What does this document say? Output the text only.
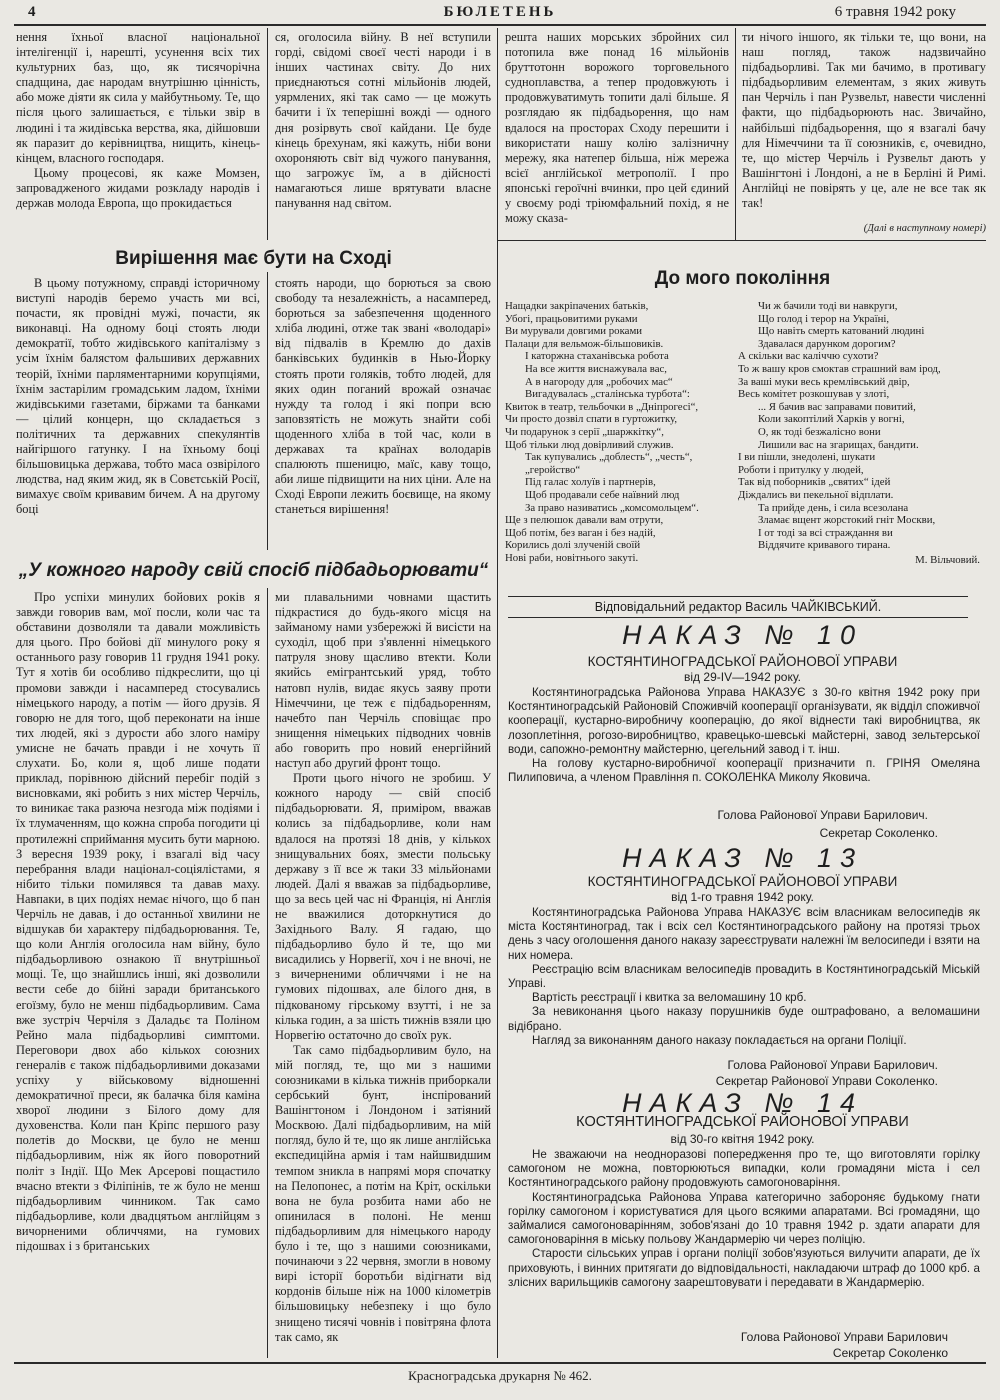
4	БЮЛЕТЕНЬ	6 травня 1942 року

нення їхньої власної національної інтелігенції і, нарешті, усунення всіх тих культурних баз, що, як тисячорічна спадщина, дає народам внутрішню цінність, або може діяти як сила у майбутньому. Те, що після цього залишається, є тільки звір в людині і та жидівська верства, яка, дійшовши як паразит до керівництва, нищить, кінець-кінцем, власного господаря.

Цьому процесові, як каже Момзен, запровадженого жидами розкладу народів і держав молода Европа, що прокидається

ся, оголосила війну. В неї вступили горді, свідомі своєї честі народи і в інших частинах світу. До них приєднаються сотні мільйонів людей, уярмлених, які так само — це можуть бачити і їх теперішні вожді — одного дня розірвуть свої кайдани. Це буде кінець брехунам, які кажуть, ніби вони охороняють світ від чужого панування, що загрожує їм, а в дійсності намагаються лише врятувати власне панування над світом.

решта наших морських збройних сил потопила вже понад 16 мільйонів бруттотонн ворожого торговельного судноплавства, а тепер продовжують і продовжуватимуть топити далі більше. Я розглядаю як підбадьорення, що нам вдалося на просторах Сходу перешити і використати нашу колію залізничну мережу, яка натепер більша, ніж мережа всієї англійської метрополії. І про японські героїчні вчинки, про цей єдиний у своєму роді тріюмфальний похід, я не можу сказа-

ти нічого іншого, як тільки те, що вони, на наш погляд, також надзвичайно підбадьорливі. Так ми бачимо, в противагу підбадьорливим елементам, з яких живуть пан Черчіль і пан Рузвельт, навести численні факти, що підбадьорюють нас. Звичайно, найбільші підбадьорення, що я взагалі бачу для Німеччини та її союзників, є, очевидно, те, що містер Черчіль і Рузвельт дають у Вашінгтоні і Лондоні, а не в Берліні й Римі. Англійці не повірять у це, але не все так як так!

(Далі в наступному номері)
Вирішення має бути на Сході

В цьому потужному, справді історичному виступі народів беремо участь ми всі, почасти, як провідні мужі, почасти, як виконавці. На одному боці стоять люди демократії, тобто жидівського капіталізму з усім їхнім балястом фальшивих державних теорій, їхніми парляментарними корупціями, їхнім застарілим громадським ладом, їхніми жидівськими газетами, біржами та банками — цілий концерн, що складається з політичних та державних спекулянтів найгіршого гатунку. І на їхньому боці більшовицька держава, тобто маса озвірілого людства, над яким жид, як в Совєтській Росії, вимахує своїм кривавим бичем. А на другому боці

стоять народи, що борються за свою свободу та незалежність, а насамперед, борються за забезпечення щоденного хліба людині, отже так звані «володарі» від підвалів в Кремлю до дахів банківських будинків в Нью-Йорку стоять проти голяків, тобто людей, для яких один поганий врожай означає нужду та голод і які попри всю заповзятість не можуть знайти собі щоденного хліба в той час, коли в державах та країнах володарів спалюють пшеницю, маїс, каву тощо, аби лише підвищити на них ціни. Але на Сході Европи лежить боєвище, на якому станеться вирішення!

„У кожного народу свій спосіб підбадьорювати“

Про успіхи минулих бойових років я завжди говорив вам, мої посли, коли час та обставини дозволяли та давали можливість для цього. Про бойові дії минулого року я останнього разу говорив 11 грудня 1941 року. Тут я хотів би особливо підкреслити, що ці промови завжди і насамперед стосувались німецького народу, а потім — його друзів. Я говорю не для того, щоб переконати на інше тих людей, які з дурости або злого наміру умисне не бачать правди і не хочуть її слухати. Бо, коли я, щоб лише подати приклад, порівнюю дійсний перебіг подій з висновками, які робить з них містер Черчіль, то виникає така разюча незгода між подіями і їх тлумаченням, що кожна спроба погодити ці протилежні сприймання мусить бути марною. З вересня 1939 року, і взагалі від часу перебрання влади націонал-соціялістами, я нібито тільки помилявся та давав маху. Навпаки, в цих подіях немає нічого, що б пан Черчіль не давав, і до останньої хвилини не відшукав би характеру підбадьорювання. Те, що коли Англія оголосила нам війну, було підбадьорливою ознакою її внутрішньої мощі. Те, що знайшлись інші, які дозволили вести себе до бійні заради британського егоїзму, було не менш підбадьорливим. Сама вже зустріч Черчіля з Даладьє та Поліном Рейно мала підбадьорливі симптоми. Переговори двох або кількох союзних генералів є також підбадьорливими доказами успіху у військовому відношенні демократичної преси, як балачка біля каміна хворої людини з Білого дому для духовенства. Коли пан Кріпс першого разу полетів до Москви, це було не менш підбадьорливим, ніж як його поворотний політ з Індії. Що Мек Арсерові пощастило вчасно втекти з Філіпінів, те ж було не менш підбадьорливим чинником. Так само підбадьорливе, коли двадцятьом англійцям з вичорненими обличчями, на гумових підошвах і з британських

ми плавальними човнами щастить підкрастися до будь-якого місця на займаному нами узбережжі й висісти на суходіл, щоб при з'явленні німецького патруля знову щасливо втекти. Коли якийсь емігрантський уряд, тобто натовп нулів, видає якусь заяву проти Німеччини, це теж є підбадьоренням, начебто пан Черчіль сповіщає про знищення німецьких підводних човнів або говорить про новий енергійний наступ або другий фронт тощо.

Проти цього нічого не зробиш. У кожного народу — свій спосіб підбадьорювати. Я, приміром, вважав колись за підбадьорливе, коли нам вдалося на протязі 18 днів, у кількох знищувальних боях, змести польську державу з її все ж таки 33 мільйонами людей. Далі я вважав за підбадьорливе, що за весь цей час ні Франція, ні Англія не вважилися доторкнутися до Західнього Валу. Я гадаю, що підбадьорливо було й те, що ми висадились у Норвегії, хоч і не вночі, не з вичерненими обличчями і не на гумових підошвах, але білого дня, в підкованому гірському взутті, і не за кілька годин, а за шість тижнів взяли цю Норвегію остаточно до своїх рук.

Так само підбадьорливим було, на мій погляд, те, що ми з нашими союзниками в кілька тижнів приборкали сербський бунт, інспірований Вашінгтоном і Лондоном і затіяний Москвою. Далі підбадьорливим, на мій погляд, було й те, що як лише англійська експедиційна армія і там найшвидшим темпом зникла в напрямі моря спочатку на Пелопонес, а потім на Кріт, оскільки вона не була розбита нами або не опинилася в полоні. Не менш підбадьорливим для німецького народу було і те, що з нашими союзниками, починаючи з 22 червня, змогли в новому вирі історії боротьби відігнати від кордонів більше ніж на 1000 кілометрів більшовицьку небезпеку і що було знищено тисячі човнів і повітряна флота так само, як

До мого покоління
Нащадки закріпачених батьків,
Убогі, працьовитими руками
Ви мурували довгими роками
Палаци для вельмож-більшовиків.
І каторжна стаханівська робота
На все життя виснажувала вас,
А в нагороду для „робочих мас“
Вигадувалась „сталінська турбота“:
Квиток в театр, тельбочки в „Дніпрогесі“,
Чи просто дозвіл спати в гуртожитку,
Чи подарунок з серії „шаржкітку“,
Щоб тільки люд довірливий служив.
Так купувались „доблесть“, „честь“,
„геройство“
Під галас холуїв і партнерів,
Щоб продавали себе наївний люд
За право називатись „комсомольцем“.
Ще з пелюшок давали вам отрути,
Щоб потім, без ваган і без надій,
Корились долі злученій своїй
Нові раби, новітнього закуті.
Чи ж бачили тоді ви навкруги,
Що голод і терор на Україні,
Що навіть смерть катований людині
Здавалася дарунком дорогим?
А скільки вас каліччю сухоти?
То ж вашу кров смоктав страшний вам ірод,
За ваші муки весь кремлівський двір,
Весь комітет розкошував у злоті,
... Я бачив вас заправами повитий,
Коли закоптілий Харків у вогні,
О, як тоді безжалісно вони
Лишили вас на згарищах, бандити.
І ви пішли, знедолені, шукати
Роботи і притулку у людей,
Так від поборників „святих“ ідей
Діждались ви пекельної відплати.
Та прийде день, і сила всезолана
Зламає вщент жорстокий гніт Москви,
І от тоді за всі страждання ви
Віддячите кривавого тирана.
М. Вільчовий.
Відповідальний редактор Василь ЧАЙКІВСЬКИЙ.
НАКАЗ № 10
КОСТЯНТИНОГРАДСЬКОЇ РАЙОНОВОЇ УПРАВИ
від 29-ІV—1942 року.

Костянтиноградська Районова Управа НАКАЗУЄ з 30-го квітня 1942 року при Костянтиноградській Районовій Споживчій кооперації організувати, як відділ споживчої кооперації, кустарно-виробничу кооперацію, до якої віднести такі виробництва, як лозоплетіння, рогозо-виробництво, кравецько-шевські майстерні, завод зельтерської води, сапожно-ремонтну майстерню, цегельний завод і т. інш.

На голову кустарно-виробничої кооперації призначити п. ГРІНЯ Омеляна Пилиповича, а членом Правління п. СОКОЛЕНКА Миколу Яковича.

Голова Районової Управи Барилович.
Секретар Соколенко.
НАКАЗ № 13
КОСТЯНТИНОГРАДСЬКОЇ РАЙОНОВОЇ УПРАВИ
від 1-го травня 1942 року.

Костянтиноградська Районова Управа НАКАЗУЄ всім власникам велосипедів як міста Костянтиноград, так і всіх сел Костянтиноградського району на протязі трьох день з часу оголошення даного наказу зареєструвати належні їм велосипеди і взяти на них номера.

Реєстрацію всім власникам велосипедів провадить в Костянтиноградській Міській Управі.

Вартість реєстрації і квитка за веломашину 10 крб.

За невиконання цього наказу порушників буде оштрафовано, а веломашини відібрано.

Нагляд за виконанням даного наказу покладається на органи Поліції.

Голова Районової Управи Барилович.
Секретар Районової Управи Соколенко.
НАКАЗ № 14
КОСТЯНТИНОГРАДСЬКОЇ РАЙОНОВОЇ УПРАВИ
від 30-го квітня 1942 року.

Не зважаючи на неодноразові попередження про те, що виготовляти горілку самогоном не можна, повторюються випадки, коли громадяни міста і сел Костянтиноградського району продовжують самогоноваріння.

Костянтиноградська Районова Управа категорично забороняє будькому гнати горілку самогоном і користуватися для цього всякими апаратами. Всі громадяни, що займалися самогоноварінням, зобов'язані до 10 травня 1942 р. здати апарати для самогоноваріння в міську польову Жандармерію чи через поліцію.

Старости сільських управ і органи поліції зобов'язуються вилучити апарати, де їх приховують, і винних притягати до відповідальності, накладаючи штраф до 1000 крб. а злісних варильщиків самогону заарештовувати і передавати в Жандармерію.

Голова Районової Управи Барилович
Секретар Соколенко
Красноградська друкарня № 462.
